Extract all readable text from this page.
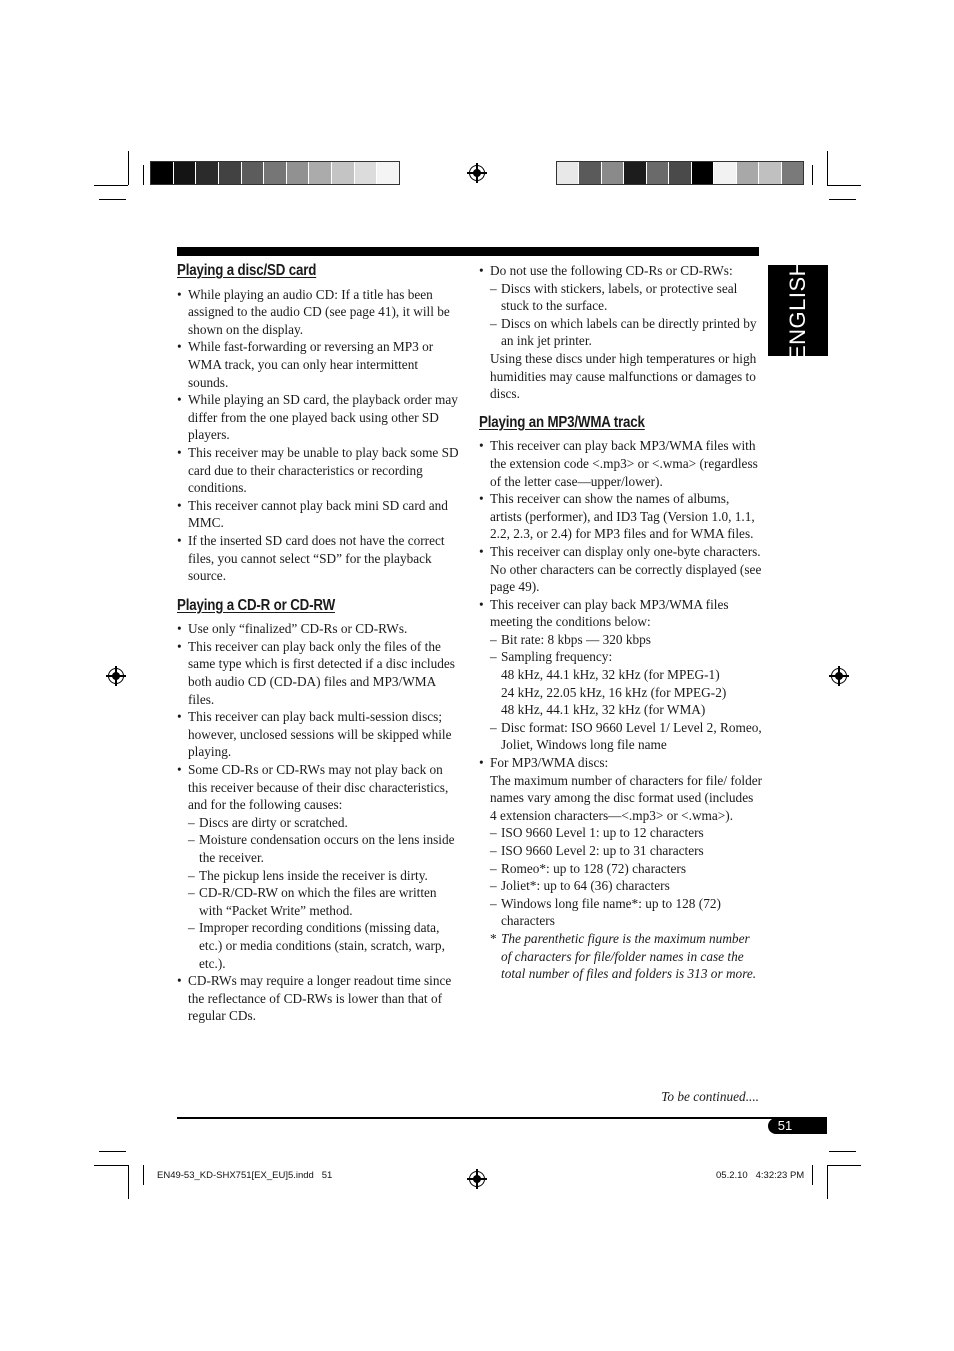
ENGLISH
Playing a disc/SD card
• While playing an audio CD: If a title has been assigned to the audio CD (see page 41), it will be shown on the display.
• While fast-forwarding or reversing an MP3 or WMA track, you can only hear intermittent sounds.
• While playing an SD card, the playback order may differ from the one played back using other SD players.
• This receiver may be unable to play back some SD card due to their characteristics or recording conditions.
• This receiver cannot play back mini SD card and MMC.
• If the inserted SD card does not have the correct files, you cannot select “SD” for the playback source.
Playing a CD-R or CD-RW
• Use only “finalized” CD-Rs or CD-RWs.
• This receiver can play back only the files of the same type which is first detected if a disc includes both audio CD (CD-DA) files and MP3/WMA files.
• This receiver can play back multi-session discs; however, unclosed sessions will be skipped while playing.
• Some CD-Rs or CD-RWs may not play back on this receiver because of their disc characteristics, and for the following causes:
– Discs are dirty or scratched.
– Moisture condensation occurs on the lens inside the receiver.
– The pickup lens inside the receiver is dirty.
– CD-R/CD-RW on which the files are written with “Packet Write” method.
– Improper recording conditions (missing data, etc.) or media conditions (stain, scratch, warp, etc.).
• CD-RWs may require a longer readout time since the reflectance of CD-RWs is lower than that of regular CDs.
• Do not use the following CD-Rs or CD-RWs:
– Discs with stickers, labels, or protective seal stuck to the surface.
– Discs on which labels can be directly printed by an ink jet printer.
Using these discs under high temperatures or high humidities may cause malfunctions or damages to discs.
Playing an MP3/WMA track
• This receiver can play back MP3/WMA files with the extension code <.mp3> or <.wma> (regardless of the letter case—upper/lower).
• This receiver can show the names of albums, artists (performer), and ID3 Tag (Version 1.0, 1.1, 2.2, 2.3, or 2.4) for MP3 files and for WMA files.
• This receiver can display only one-byte characters. No other characters can be correctly displayed (see page 49).
• This receiver can play back MP3/WMA files meeting the conditions below:
– Bit rate: 8 kbps — 320 kbps
– Sampling frequency:
48 kHz, 44.1 kHz, 32 kHz (for MPEG-1)
24 kHz, 22.05 kHz, 16 kHz (for MPEG-2)
48 kHz, 44.1 kHz, 32 kHz (for WMA)
– Disc format: ISO 9660 Level 1/ Level 2, Romeo, Joliet, Windows long file name
• For MP3/WMA discs:
The maximum number of characters for file/ folder names vary among the disc format used (includes 4 extension characters—<.mp3> or <.wma>).
– ISO 9660 Level 1: up to 12 characters
– ISO 9660 Level 2: up to 31 characters
– Romeo*: up to 128 (72) characters
– Joliet*: up to 64 (36) characters
– Windows long file name*: up to 128 (72) characters
* The parenthetic figure is the maximum number of characters for file/folder names in case the total number of files and folders is 313 or more.
To be continued....
51
EN49-53_KD-SHX751[EX_EU]5.indd   51	05.2.10   4:32:23 PM
